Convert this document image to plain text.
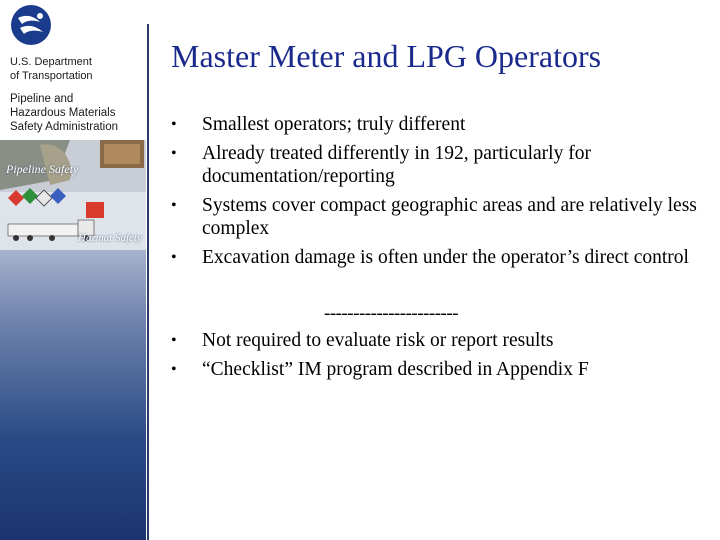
U.S. Department
of Transportation
Pipeline and
Hazardous Materials
Safety Administration
Pipeline Safety
Hazmat Safety
Master Meter and LPG Operators
• Smallest operators; truly different
• Already treated differently in 192, particularly for documentation/reporting
• Systems cover compact geographic areas and are relatively less complex
• Excavation damage is often under the operator’s direct control
-----------------------
• Not required to evaluate risk or report results
• “Checklist” IM program described in Appendix F
